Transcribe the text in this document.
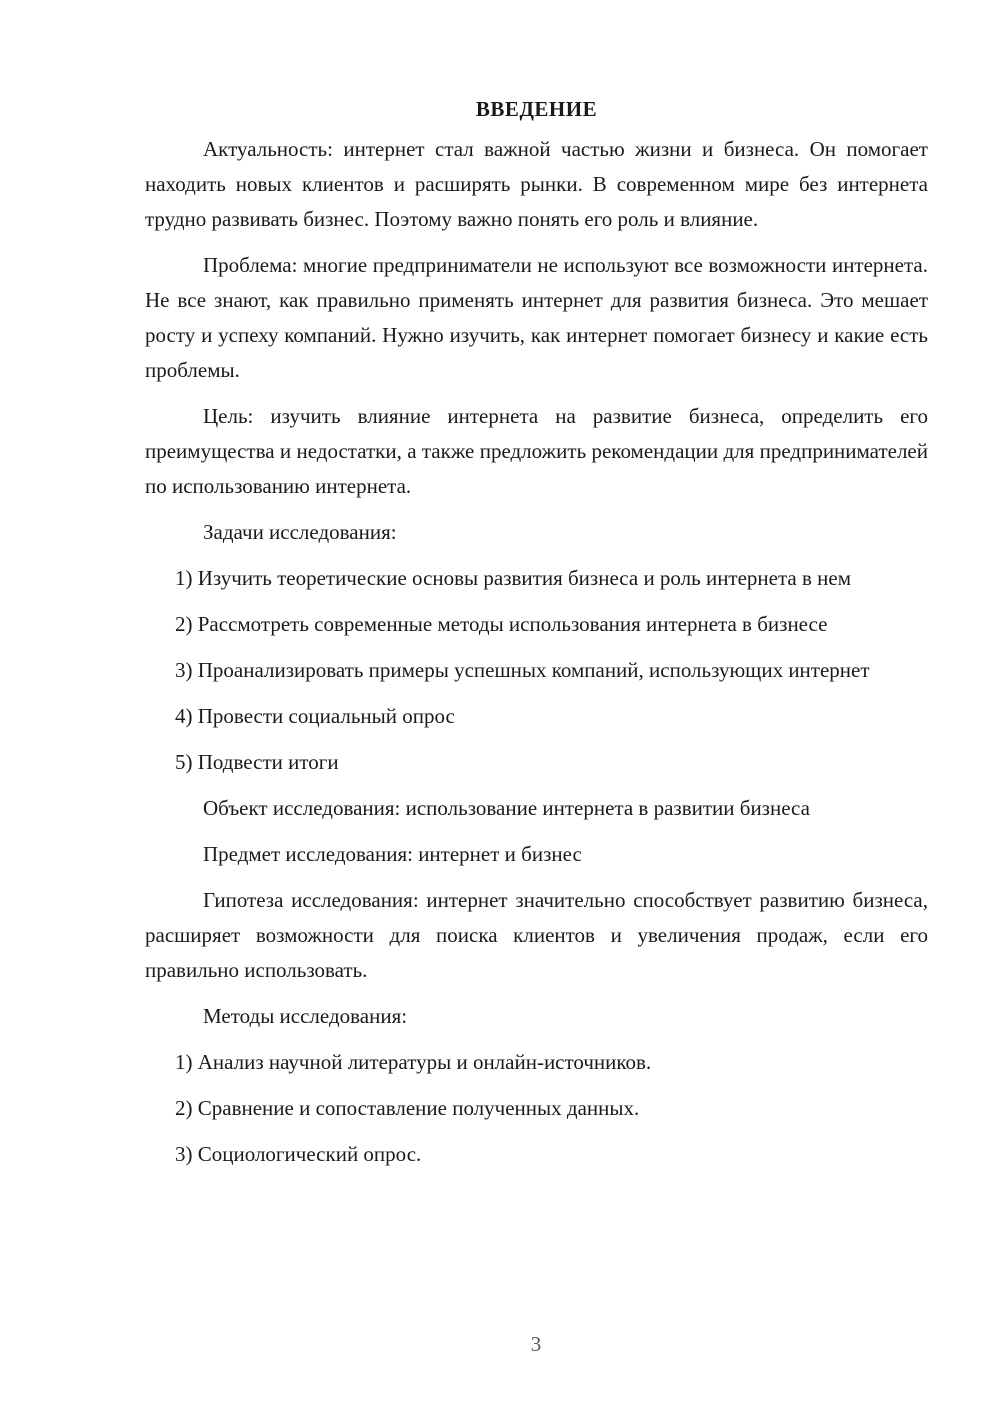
ВВЕДЕНИЕ

Актуальность: интернет стал важной частью жизни и бизнеса. Он помогает находить новых клиентов и расширять рынки. В современном мире без интернета трудно развивать бизнес. Поэтому важно понять его роль и влияние.

Проблема: многие предприниматели не используют все возможности интернета. Не все знают, как правильно применять интернет для развития бизнеса. Это мешает росту и успеху компаний. Нужно изучить, как интернет помогает бизнесу и какие есть проблемы.

Цель: изучить влияние интернета на развитие бизнеса, определить его преимущества и недостатки, а также предложить рекомендации для предпринимателей по использованию интернета.

Задачи исследования:

1) Изучить теоретические основы развития бизнеса и роль интернета в нем

2) Рассмотреть современные методы использования интернета в бизнесе

3) Проанализировать примеры успешных компаний, использующих интернет

4) Провести социальный опрос

5) Подвести итоги

Объект исследования: использование интернета в развитии бизнеса

Предмет исследования: интернет и бизнес

Гипотеза исследования: интернет значительно способствует развитию бизнеса, расширяет возможности для поиска клиентов и увеличения продаж, если его правильно использовать.

Методы исследования:

1) Анализ научной литературы и онлайн-источников.

2) Сравнение и сопоставление полученных данных.

3) Социологический опрос.

3
